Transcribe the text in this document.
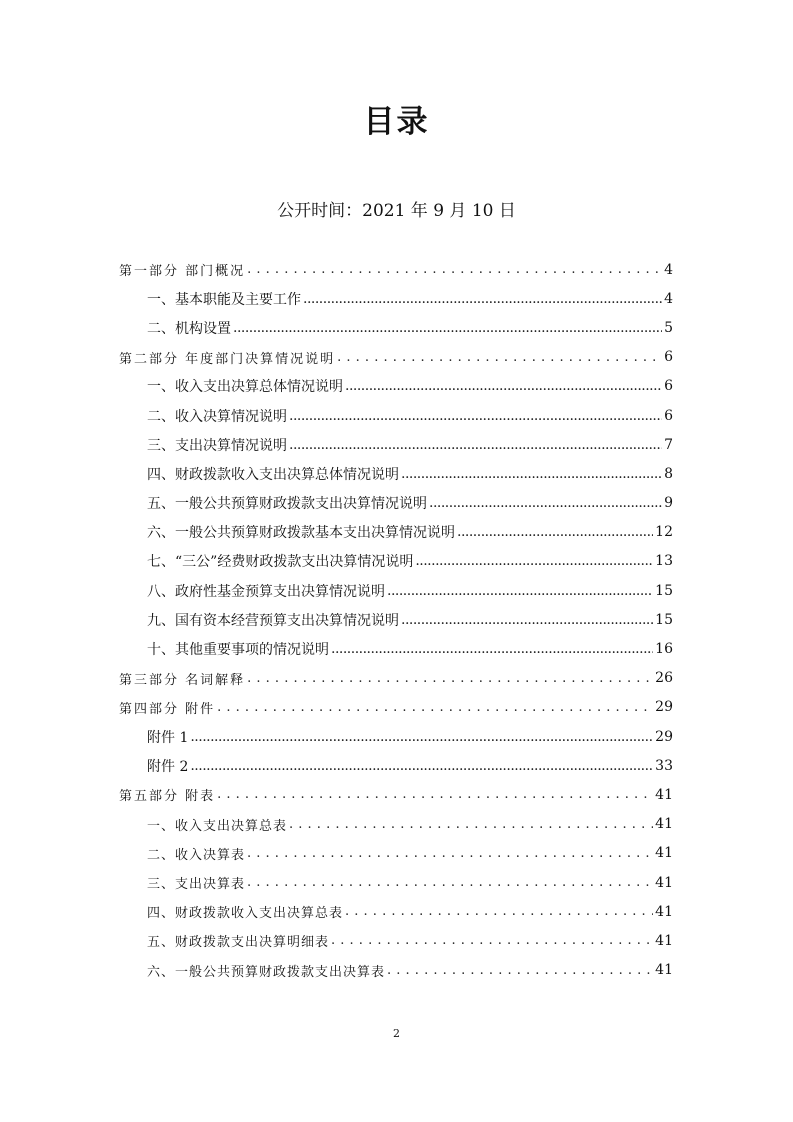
目录
公开时间：2021 年 9 月 10 日
第一部分 部门概况 . . .	4
一、基本职能及主要工作 .....	4
二、机构设置 .....	5
第二部分 年度部门决算情况说明 . . .	6
一、收入支出决算总体情况说明 .....	6
二、收入决算情况说明 .....	6
三、支出决算情况说明 .....	7
四、财政拨款收入支出决算总体情况说明 .....	8
五、一般公共预算财政拨款支出决算情况说明 .....	9
六、一般公共预算财政拨款基本支出决算情况说明 .....	12
七、“三公”经费财政拨款支出决算情况说明 .....	13
八、政府性基金预算支出决算情况说明 .....	15
九、国有资本经营预算支出决算情况说明 .....	15
十、其他重要事项的情况说明 .....	16
第三部分 名词解释 . . .	26
第四部分 附件 . . .	29
附件 1 .....	29
附件 2 .....	33
第五部分 附表 . . .	41
一、收入支出决算总表 . . .	41
二、收入决算表 . . .	41
三、支出决算表 . . .	41
四、财政拨款收入支出决算总表 . . .	41
五、财政拨款支出决算明细表 . . .	41
六、一般公共预算财政拨款支出决算表 . . .	41
2
